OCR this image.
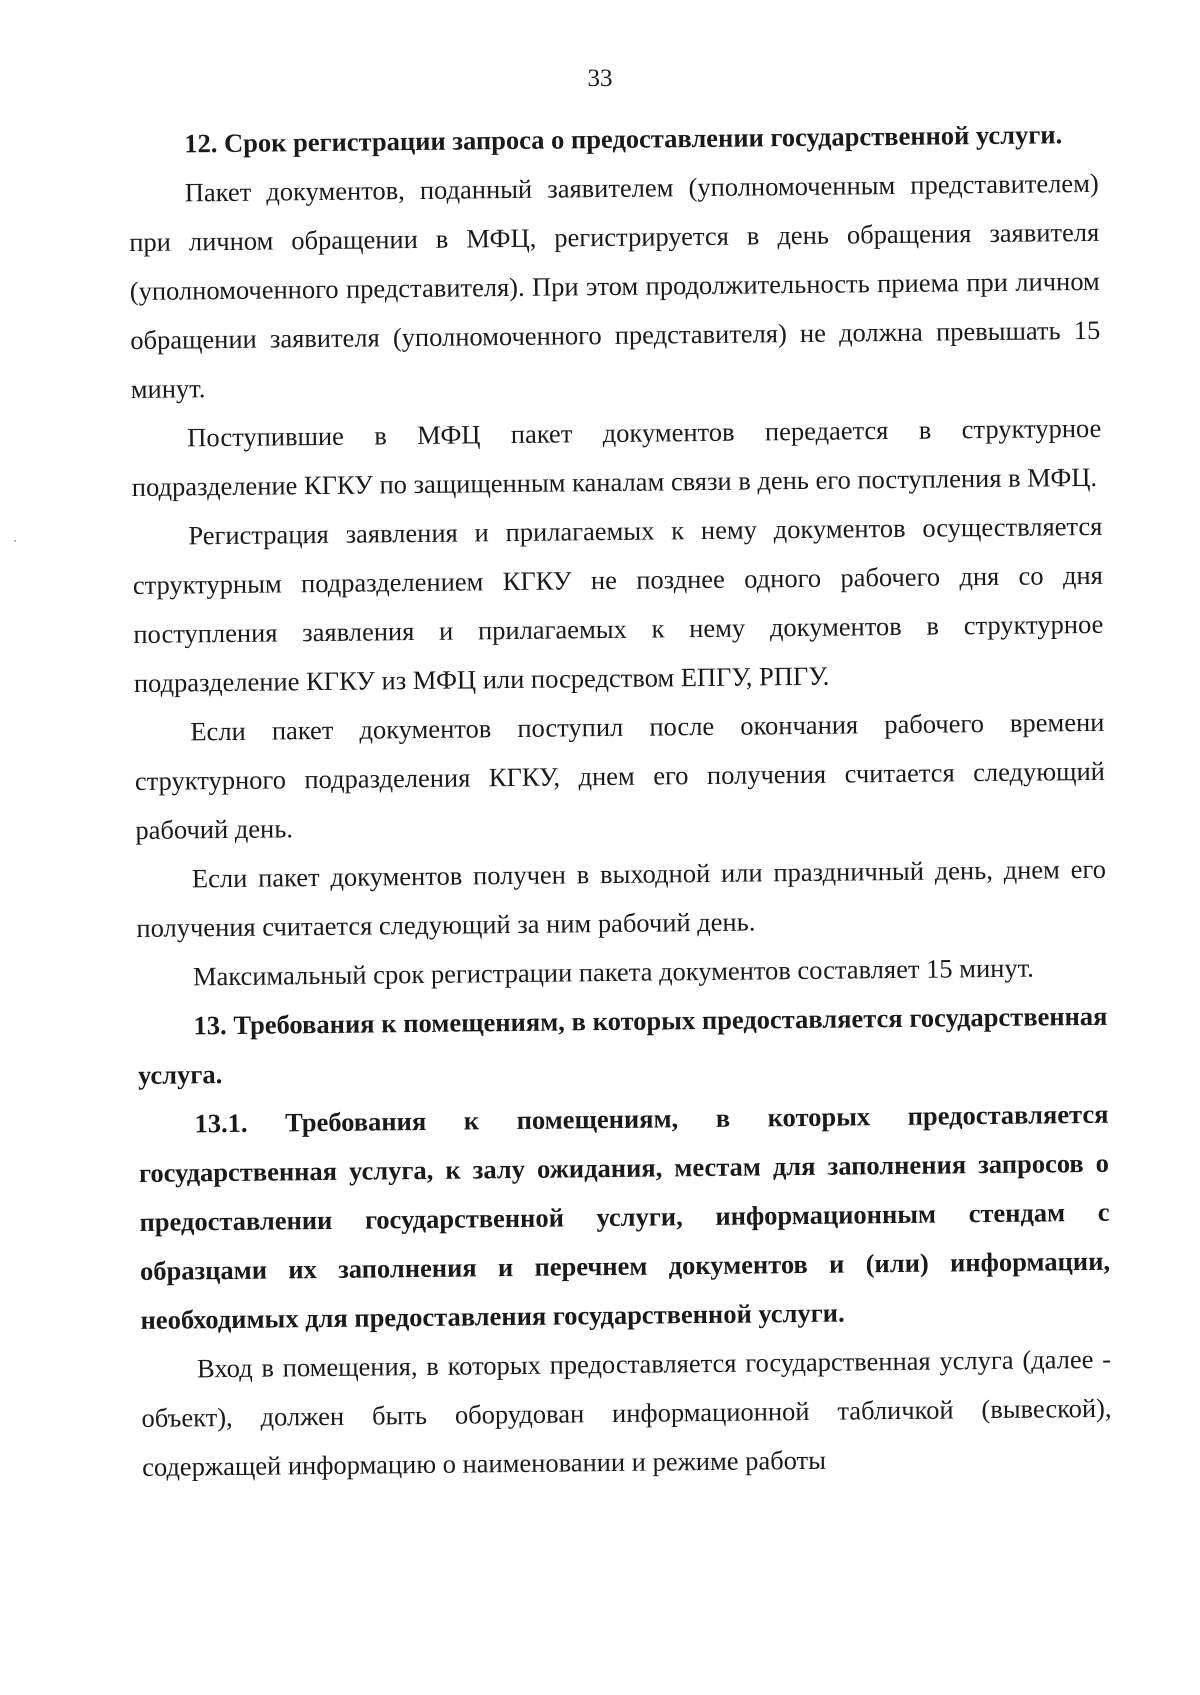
33

12. Срок регистрации запроса о предоставлении государственной услуги.

Пакет документов, поданный заявителем (уполномоченным представителем) при личном обращении в МФЦ, регистрируется в день обращения заявителя (уполномоченного представителя). При этом продолжительность приема при личном обращении заявителя (уполномоченного представителя) не должна превышать 15 минут.

Поступившие в МФЦ пакет документов передается в структурное подразделение КГКУ по защищенным каналам связи в день его поступления в МФЦ.

Регистрация заявления и прилагаемых к нему документов осуществляется структурным подразделением КГКУ не позднее одного рабочего дня со дня поступления заявления и прилагаемых к нему документов в структурное подразделение КГКУ из МФЦ или посредством ЕПГУ, РПГУ.

Если пакет документов поступил после окончания рабочего времени структурного подразделения КГКУ, днем его получения считается следующий рабочий день.

Если пакет документов получен в выходной или праздничный день, днем его получения считается следующий за ним рабочий день.

Максимальный срок регистрации пакета документов составляет 15 минут.

13. Требования к помещениям, в которых предоставляется государственная услуга.

13.1. Требования к помещениям, в которых предоставляется государственная услуга, к залу ожидания, местам для заполнения запросов о предоставлении государственной услуги, информационным стендам с образцами их заполнения и перечнем документов и (или) информации, необходимых для предоставления государственной услуги.

Вход в помещения, в которых предоставляется государственная услуга (далее - объект), должен быть оборудован информационной табличкой (вывеской), содержащей информацию о наименовании и режиме работы
